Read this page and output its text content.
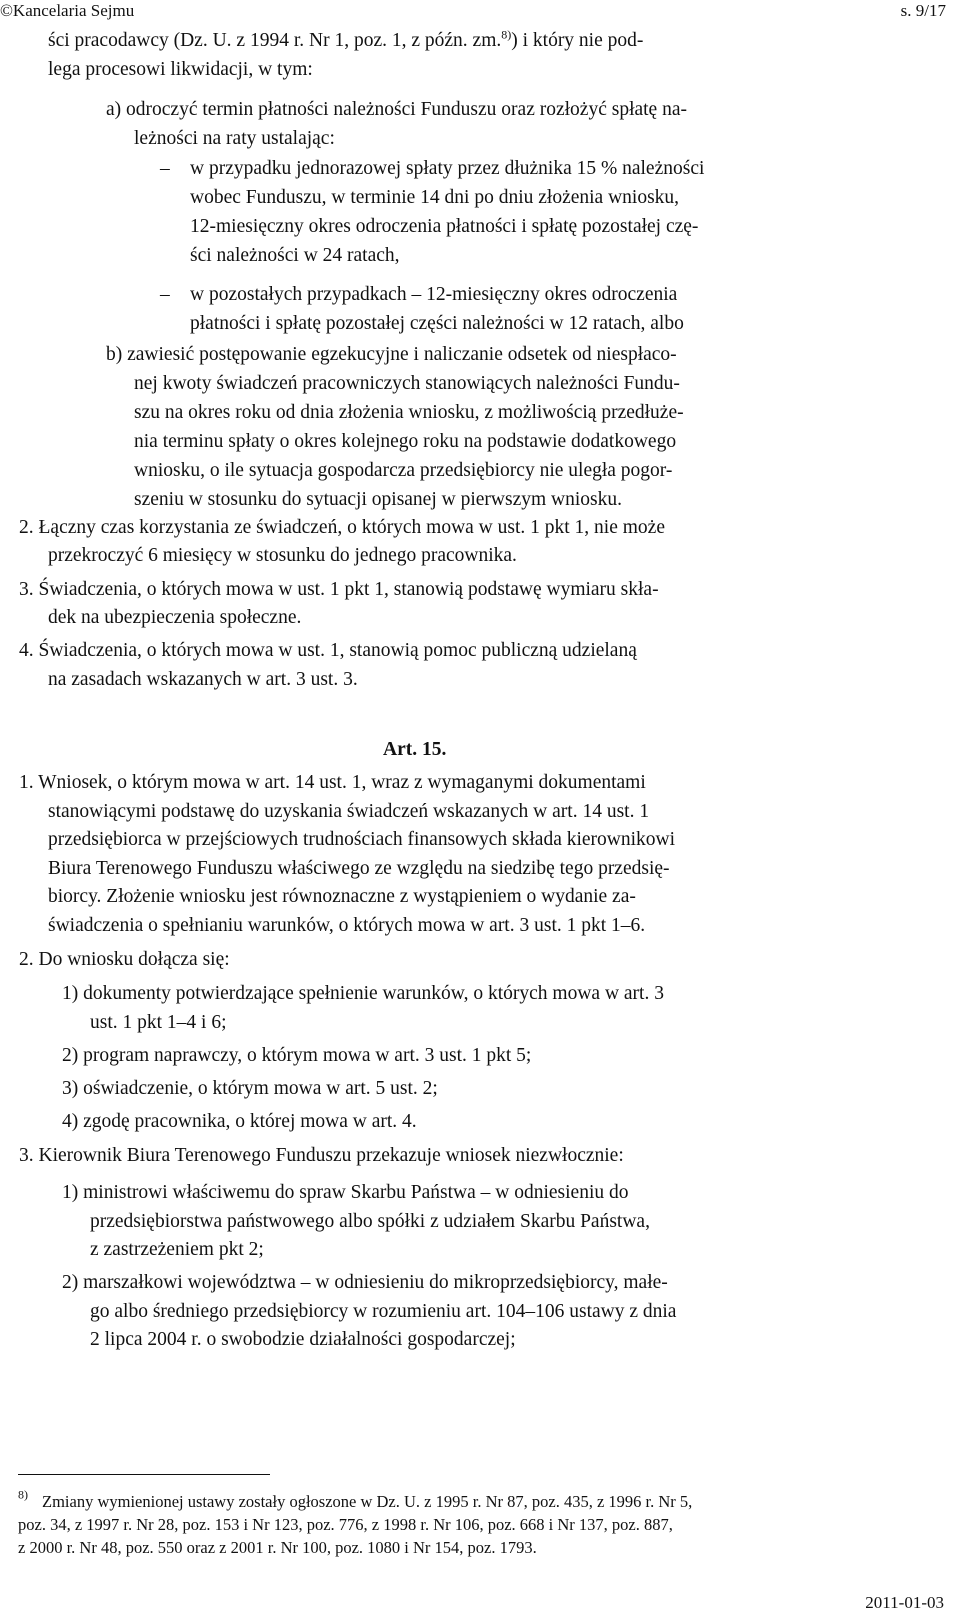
©Kancelaria Sejmu	s. 9/17
ści pracodawcy (Dz. U. z 1994 r. Nr 1, poz. 1, z późn. zm.$^{8)}$) i który nie pod-
lega procesowi likwidacji, w tym:
a) odroczyć termin płatności należności Funduszu oraz rozłożyć spłatę na-
leżności na raty ustalając:
– w przypadku jednorazowej spłaty przez dłużnika 15 % należności
wobec Funduszu, w terminie 14 dni po dniu złożenia wniosku,
12-miesięczny okres odroczenia płatności i spłatę pozostałej czę-
ści należności w 24 ratach,
– w pozostałych przypadkach – 12-miesięczny okres odroczenia
płatności i spłatę pozostałej części należności w 12 ratach, albo
b) zawiesić postępowanie egzekucyjne i naliczanie odsetek od niespłaco-
nej kwoty świadczeń pracowniczych stanowiących należności Fundu-
szu na okres roku od dnia złożenia wniosku, z możliwością przedłuże-
nia terminu spłaty o okres kolejnego roku na podstawie dodatkowego
wniosku, o ile sytuacja gospodarcza przedsiębiorcy nie uległa pogor-
szeniu w stosunku do sytuacji opisanej w pierwszym wniosku.
2. Łączny czas korzystania ze świadczeń, o których mowa w ust. 1 pkt 1, nie może
przekroczyć 6 miesięcy w stosunku do jednego pracownika.
3. Świadczenia, o których mowa w ust. 1 pkt 1, stanowią podstawę wymiaru skła-
dek na ubezpieczenia społeczne.
4. Świadczenia, o których mowa w ust. 1, stanowią pomoc publiczną udzielaną
na zasadach wskazanych w art. 3 ust. 3.
Art. 15.
1. Wniosek, o którym mowa w art. 14 ust. 1, wraz z wymaganymi dokumentami
stanowiącymi podstawę do uzyskania świadczeń wskazanych w art. 14 ust. 1
przedsiębiorca w przejściowych trudnościach finansowych składa kierownikowi
Biura Terenowego Funduszu właściwego ze względu na siedzibę tego przedsię-
biorcy. Złożenie wniosku jest równoznaczne z wystąpieniem o wydanie za-
świadczenia o spełnianiu warunków, o których mowa w art. 3 ust. 1 pkt 1–6.
2. Do wniosku dołącza się:
1) dokumenty potwierdzające spełnienie warunków, o których mowa w art. 3
ust. 1 pkt 1–4 i 6;
2) program naprawczy, o którym mowa w art. 3 ust. 1 pkt 5;
3) oświadczenie, o którym mowa w art. 5 ust. 2;
4) zgodę pracownika, o której mowa w art. 4.
3. Kierownik Biura Terenowego Funduszu przekazuje wniosek niezwłocznie:
1) ministrowi właściwemu do spraw Skarbu Państwa – w odniesieniu do
przedsiębiorstwa państwowego albo spółki z udziałem Skarbu Państwa,
z zastrzeżeniem pkt 2;
2) marszałkowi województwa – w odniesieniu do mikroprzedsiębiorcy, małe-
go albo średniego przedsiębiorcy w rozumieniu art. 104–106 ustawy z dnia
2 lipca 2004 r. o swobodzie działalności gospodarczej;
$^{8)}$ Zmiany wymienionej ustawy zostały ogłoszone w Dz. U. z 1995 r. Nr 87, poz. 435, z 1996 r. Nr 5,
poz. 34, z 1997 r. Nr 28, poz. 153 i Nr 123, poz. 776, z 1998 r. Nr 106, poz. 668 i Nr 137, poz. 887,
z 2000 r. Nr 48, poz. 550 oraz z 2001 r. Nr 100, poz. 1080 i Nr 154, poz. 1793.
2011-01-03
